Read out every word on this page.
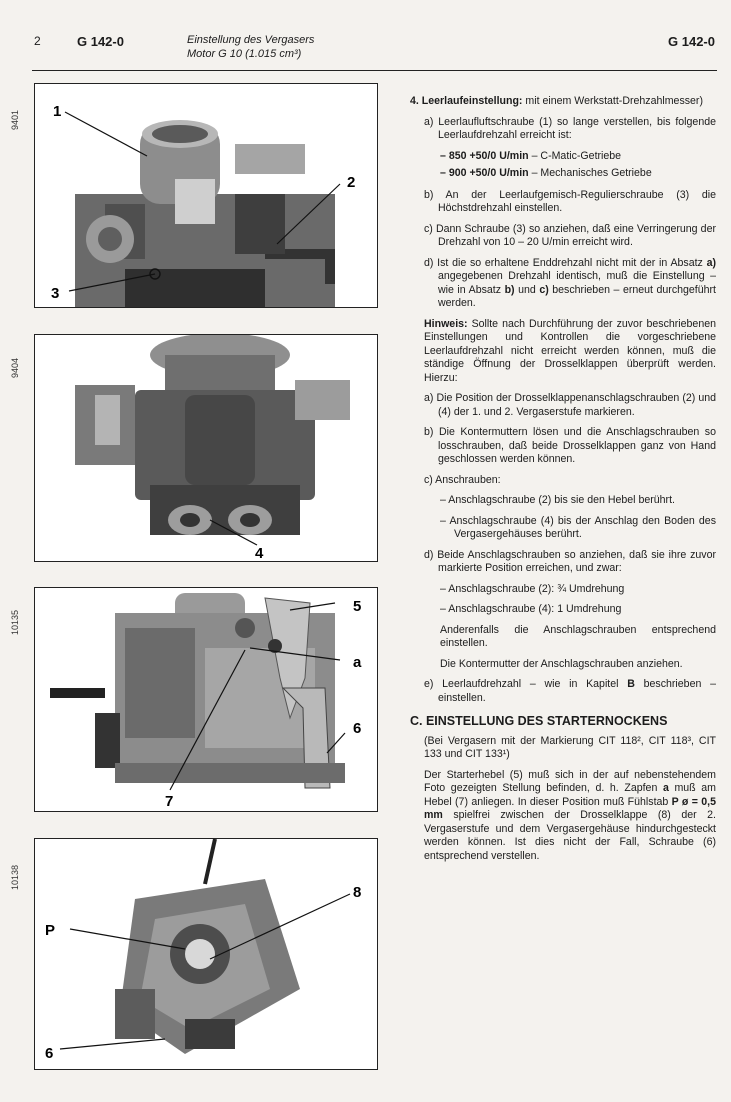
2	G 142-0	Einstellung des Vergasers
Motor G 10 (1.015 cm³)
G 142-0
9401 1
2
3
9404
4
10135
5
a
6
7
10138
8
P
6
4. Leerlaufeinstellung: mit einem Werkstatt-Drehzahlmesser)
a) Leerlaufluftschraube (1) so lange verstellen, bis folgende Leerlaufdrehzahl erreicht ist:
– 850 +50/0 U/min – C-Matic-Getriebe
– 900 +50/0 U/min – Mechanisches Getriebe
b) An der Leerlaufgemisch-Regulierschraube (3) die Höchstdrehzahl einstellen.
c) Dann Schraube (3) so anziehen, daß eine Verringerung der Drehzahl von 10 – 20 U/min erreicht wird.
d) Ist die so erhaltene Enddrehzahl nicht mit der in Absatz a) angegebenen Drehzahl identisch, muß die Einstellung – wie in Absatz b) und c) beschrieben – erneut durchgeführt werden.
Hinweis: Sollte nach Durchführung der zuvor beschriebenen Einstellungen und Kontrollen die vorgeschriebene Leerlaufdrehzahl nicht erreicht werden können, muß die ständige Öffnung der Drosselklappen überprüft werden. Hierzu:
a) Die Position der Drosselklappenanschlagschrauben (2) und (4) der 1. und 2. Vergaserstufe markieren.
b) Die Kontermuttern lösen und die Anschlagschrauben so losschrauben, daß beide Drosselklappen ganz von Hand geschlossen werden können.
c) Anschrauben:
– Anschlagschraube (2) bis sie den Hebel berührt.
– Anschlagschraube (4) bis der Anschlag den Boden des Vergasergehäuses berührt.
d) Beide Anschlagschrauben so anziehen, daß sie ihre zuvor markierte Position erreichen, und zwar:
– Anschlagschraube (2): ¾ Umdrehung
– Anschlagschraube (4): 1 Umdrehung
Anderenfalls die Anschlagschrauben entsprechend einstellen.
Die Kontermutter der Anschlagschrauben anziehen.
e) Leerlaufdrehzahl – wie in Kapitel B beschrieben – einstellen.
C. EINSTELLUNG DES STARTERNOCKENS
(Bei Vergasern mit der Markierung CIT 118², CIT 118³, CIT 133 und CIT 133¹)
Der Starterhebel (5) muß sich in der auf nebenstehendem Foto gezeigten Stellung befinden, d. h. Zapfen a muß am Hebel (7) anliegen. In dieser Position muß Fühlstab P ø = 0,5 mm spielfrei zwischen der Drosselklappe (8) der 2. Vergaserstufe und dem Vergasergehäuse hindurchgesteckt werden können. Ist dies nicht der Fall, Schraube (6) entsprechend verstellen.
